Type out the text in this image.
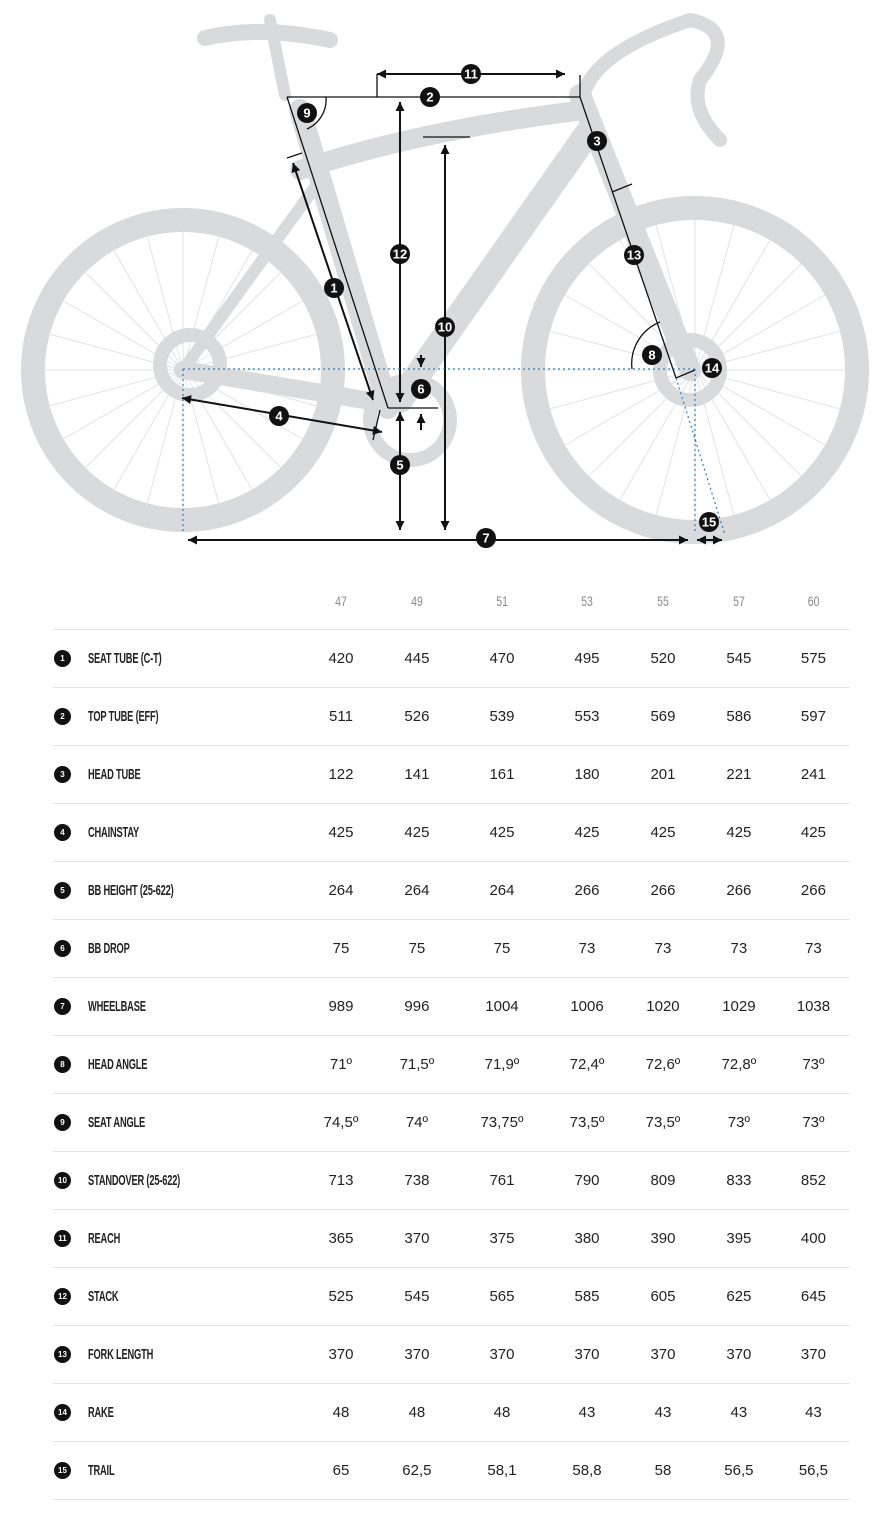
1
2
3
4
5
6
7
8
9
10
11
12	13
14
15
	47	49	51	53	55	57	60
1 SEAT TUBE (C-T)	420	445	470	495	520	545	575
2 TOP TUBE (EFF)	511	526	539	553	569	586	597
3 HEAD TUBE	122	141	161	180	201	221	241
4 CHAINSTAY	425	425	425	425	425	425	425
5 BB HEIGHT (25-622)	264	264	264	266	266	266	266
6 BB DROP	75	75	75	73	73	73	73
7 WHEELBASE	989	996	1004	1006	1020	1029	1038
8 HEAD ANGLE	71º	71,5º	71,9º	72,4º	72,6º	72,8º	73º
9 SEAT ANGLE	74,5º	74º	73,75º	73,5º	73,5º	73º	73º
10 STANDOVER (25-622)	713	738	761	790	809	833	852
11 REACH	365	370	375	380	390	395	400
12 STACK	525	545	565	585	605	625	645
13 FORK LENGTH	370	370	370	370	370	370	370
14 RAKE	48	48	48	43	43	43	43
15 TRAIL	65	62,5	58,1	58,8	58	56,5	56,5
